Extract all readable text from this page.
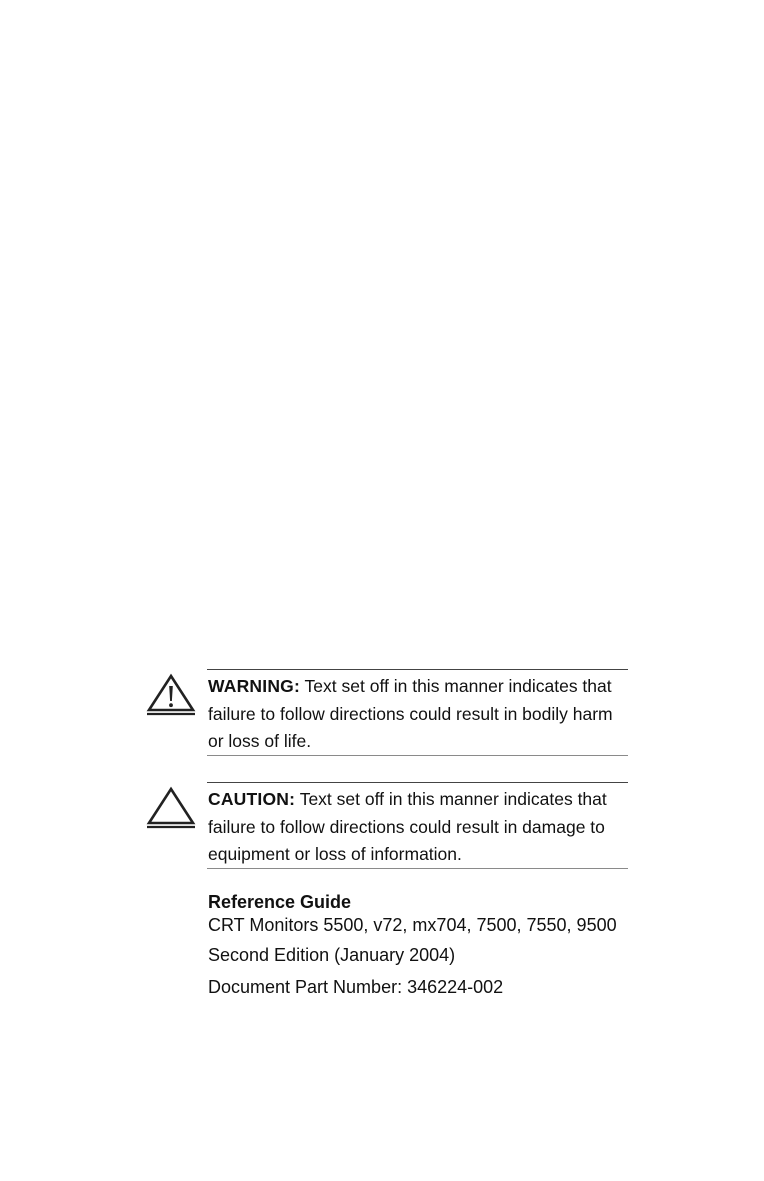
WARNING: Text set off in this manner indicates that failure to follow directions could result in bodily harm or loss of life.
CAUTION: Text set off in this manner indicates that failure to follow directions could result in damage to equipment or loss of information.
Reference Guide
CRT Monitors 5500, v72, mx704, 7500, 7550, 9500
Second Edition (January 2004)
Document Part Number: 346224-002
